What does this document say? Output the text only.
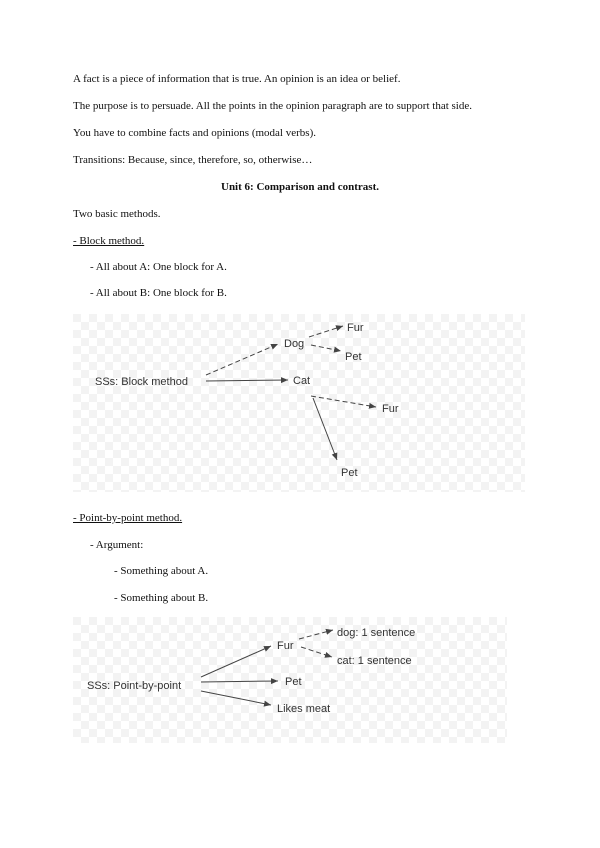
A fact is a piece of information that is true. An opinion is an idea or belief.
The purpose is to persuade. All the points in the opinion paragraph are to support that side.
You have to combine facts and opinions (modal verbs).
Transitions: Because, since, therefore, so, otherwise…
Unit 6: Comparison and contrast.
Two basic methods.
- Block method.
- All about A: One block for A.
- All about B: One block for B.
SSs: Block method
Dog
Cat
Fur
Pet
Fur
Pet
- Point-by-point method.
- Argument:
- Something about A.
- Something about B.
SSs: Point-by-point
Fur
Pet
Likes meat
dog: 1 sentence
cat: 1 sentence
